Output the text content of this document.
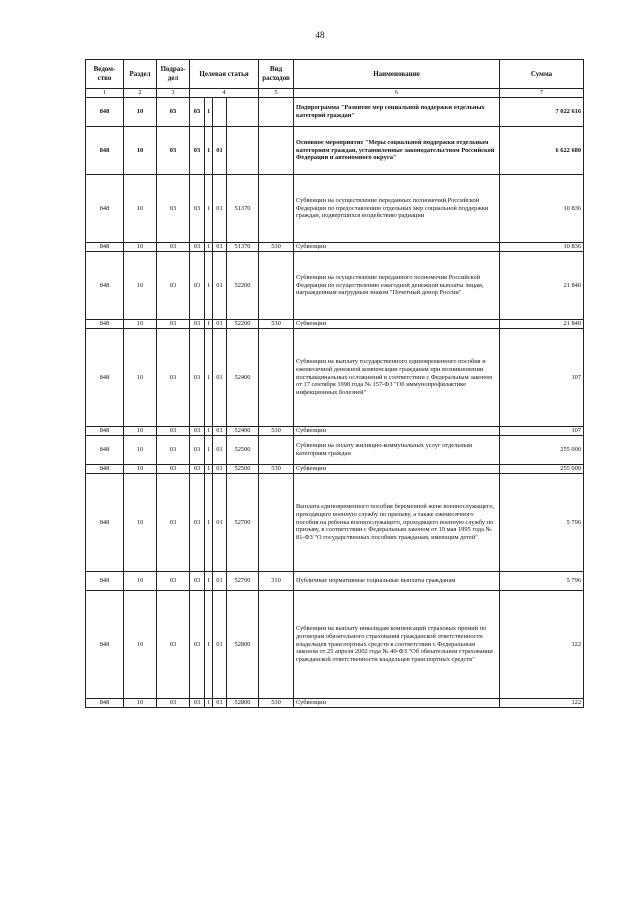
48
Ведом-ство	Раздел	Подраз-дел	Целевая статья				Вид расходов	Наименование	Сумма
1	2	3	4				5	6	7
848	10	03	03	1				Подпрограмма "Развитие мер социальной поддержки отдельных категорий граждан"	7 022 616
848	10	03	03	1	01			Основное мероприятие "Меры социальной поддержки отдельным категориям граждан, установленные законодательством Российской Федерации и автономного округа"	6 622 680
848	10	03	03	1	01	51370		Субвенции на осуществление переданных полномочий Российской Федерации по предоставлению отдельных мер социальной поддержки граждан, подвергшихся воздействию радиации	10 836
848	10	03	03	1	01	51370	530	Субвенции	10 836
848	10	03	03	1	01	52200		Субвенции на осуществление переданного полномочия Российской Федерации по осуществлению ежегодной денежной выплаты лицам, награжденным нагрудным знаком "Почетный донор России"	21 840
848	10	03	03	1	01	52200	530	Субвенции	21 840
848	10	03	03	1	01	52400		Субвенции на выплату государственного единовременного пособия и ежемесячной денежной компенсации гражданам при возникновении поствакцинальных осложнений в соответствии с Федеральным законом от 17 сентября 1998 года № 157-ФЗ "Об иммунопрофилактике инфекционных болезней"	107
848	10	03	03	1	01	52400	530	Субвенции	107
848	10	03	03	1	01	52500		Субвенции на оплату жилищно-коммунальных услуг отдельным категориям граждан	255 000
848	10	03	03	1	01	52500	530	Субвенции	255 000
848	10	03	03	1	01	52700		Выплата единовременного пособия беременной жене военнослужащего, проходящего военную службу по призыву, а также ежемесячного пособия на ребенка военнослужащего, проходящего военную службу по призыву, в соответствии с Федеральным законом от 19 мая 1995 года № 81-ФЗ "О государственных пособиях гражданам, имеющим детей"	5 796
848	10	03	03	1	01	52700	310	Публичные нормативные социальные выплаты гражданам	5 796
848	10	03	03	1	01	52800		Субвенции на выплату инвалидам компенсаций страховых премий по договорам обязательного страхования гражданской ответственности владельцев транспортных средств в соответствии с Федеральным законом от 25 апреля 2002 года № 40-ФЗ "Об обязательном страховании гражданской ответственности владельцев транспортных средств"	122
848	10	03	03	1	01	52800	530	Субвенции	122
